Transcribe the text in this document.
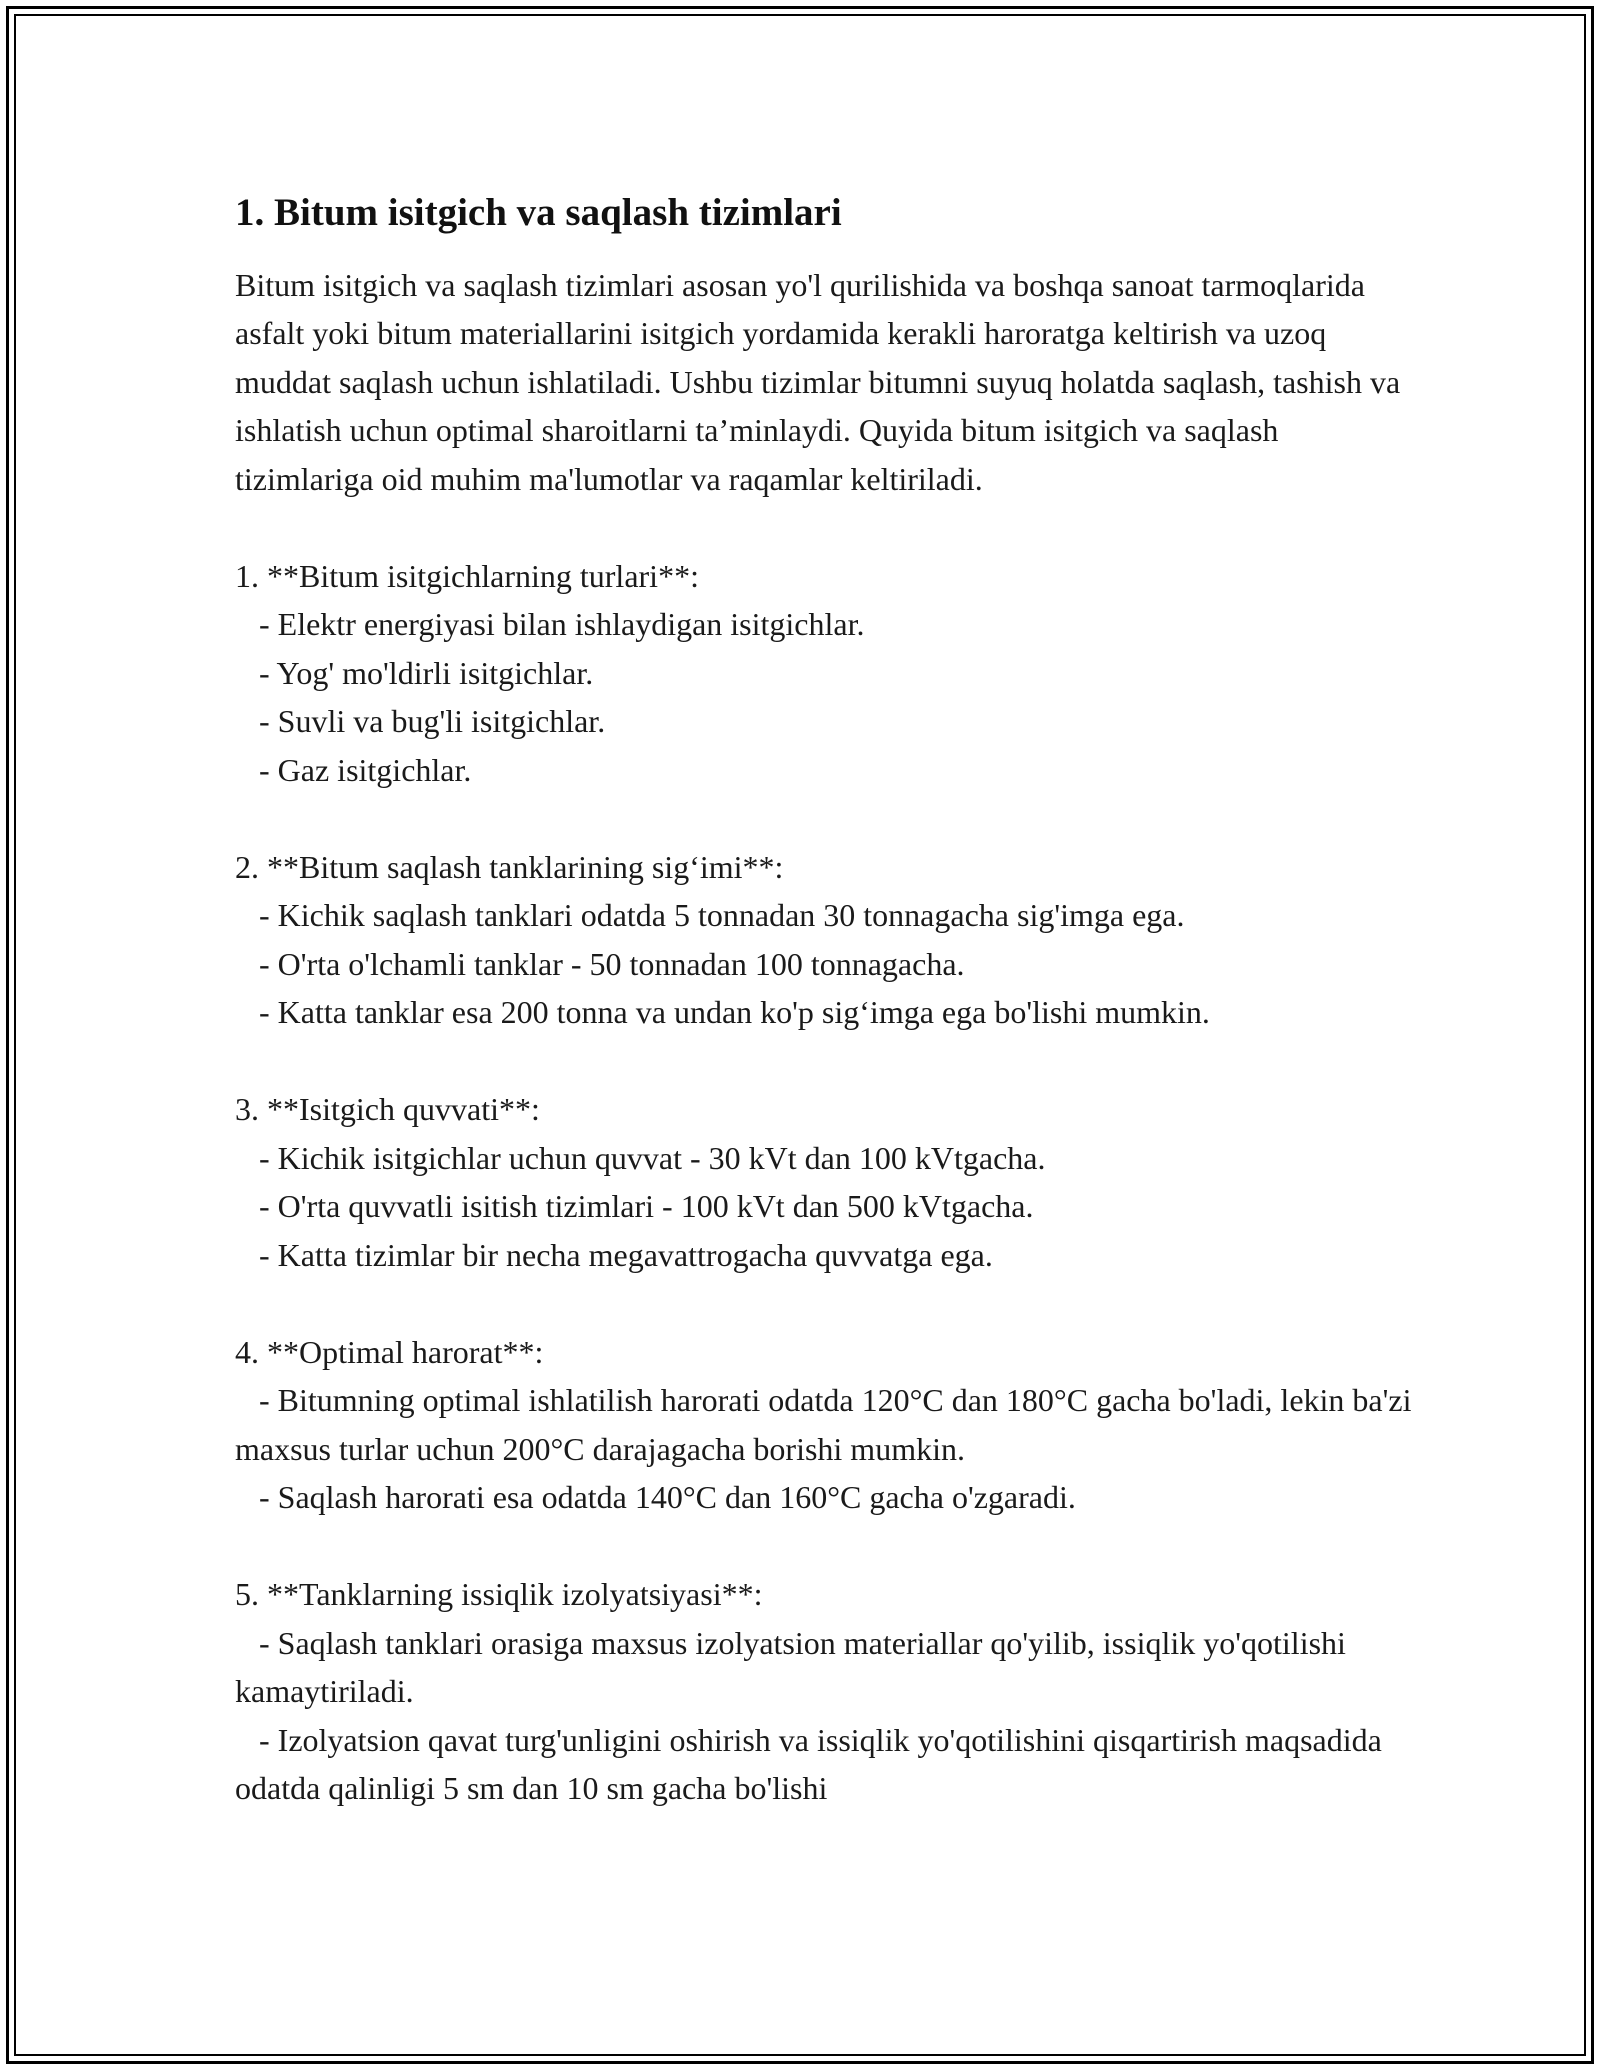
1. Bitum isitgich va saqlash tizimlari

Bitum isitgich va saqlash tizimlari asosan yo'l qurilishida va boshqa sanoat tarmoqlarida asfalt yoki bitum materiallarini isitgich yordamida kerakli haroratga keltirish va uzoq muddat saqlash uchun ishlatiladi. Ushbu tizimlar bitumni suyuq holatda saqlash, tashish va ishlatish uchun optimal sharoitlarni ta’minlaydi. Quyida bitum isitgich va saqlash tizimlariga oid muhim ma'lumotlar va raqamlar keltiriladi.

1. **Bitum isitgichlarning turlari**:

- Elektr energiyasi bilan ishlaydigan isitgichlar.

- Yog' mo'ldirli isitgichlar.

- Suvli va bug'li isitgichlar.

- Gaz isitgichlar.

2. **Bitum saqlash tanklarining sig‘imi**:

- Kichik saqlash tanklari odatda 5 tonnadan 30 tonnagacha sig'imga ega.

- O'rta o'lchamli tanklar - 50 tonnadan 100 tonnagacha.

- Katta tanklar esa 200 tonna va undan ko'p sig‘imga ega bo'lishi mumkin.

3. **Isitgich quvvati**:

- Kichik isitgichlar uchun quvvat - 30 kVt dan 100 kVtgacha.

- O'rta quvvatli isitish tizimlari - 100 kVt dan 500 kVtgacha.

- Katta tizimlar bir necha megavattrogacha quvvatga ega.

4. **Optimal harorat**:

- Bitumning optimal ishlatilish harorati odatda 120°C dan 180°C gacha bo'ladi, lekin ba'zi maxsus turlar uchun 200°C darajagacha borishi mumkin.

- Saqlash harorati esa odatda 140°C dan 160°C gacha o'zgaradi.

5. **Tanklarning issiqlik izolyatsiyasi**:

- Saqlash tanklari orasiga maxsus izolyatsion materiallar qo'yilib, issiqlik yo'qotilishi kamaytiriladi.

- Izolyatsion qavat turg'unligini oshirish va issiqlik yo'qotilishini qisqartirish maqsadida odatda qalinligi 5 sm dan 10 sm gacha bo'lishi
